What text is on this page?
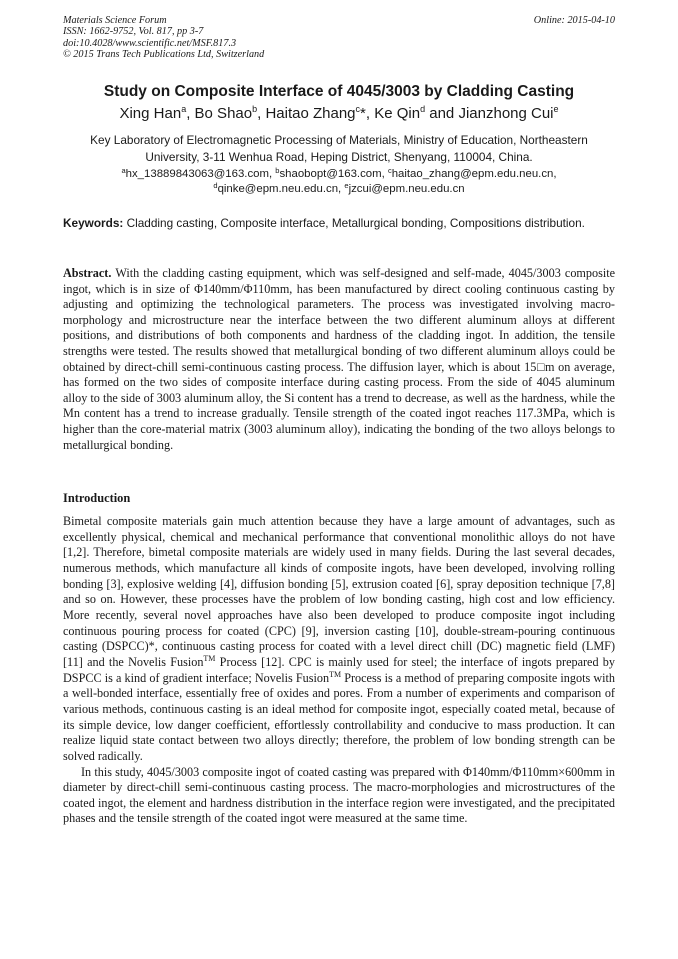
Materials Science Forum
ISSN: 1662-9752, Vol. 817, pp 3-7
doi:10.4028/www.scientific.net/MSF.817.3
© 2015 Trans Tech Publications Ltd, Switzerland
Online: 2015-04-10
Study on Composite Interface of 4045/3003 by Cladding Casting
Xing Han$^a$, Bo Shao$^b$, Haitao Zhang$^c$*, Ke Qin$^d$ and Jianzhong Cui$^e$
Key Laboratory of Electromagnetic Processing of Materials, Ministry of Education, Northeastern University, 3-11 Wenhua Road, Heping District, Shenyang, 110004, China.
$^a$hx_13889843063@163.com, $^b$shaobopt@163.com, $^c$haitao_zhang@epm.edu.neu.cn,
$^d$qinke@epm.neu.edu.cn, $^e$jzcui@epm.neu.edu.cn
Keywords: Cladding casting, Composite interface, Metallurgical bonding, Compositions distribution.
Abstract. With the cladding casting equipment, which was self-designed and self-made, 4045/3003 composite ingot, which is in size of Φ140mm/Φ110mm, has been manufactured by direct cooling continuous casting by adjusting and optimizing the technological parameters. The process was investigated involving macro-morphology and microstructure near the interface between the two different aluminum alloys at different positions, and distributions of both components and hardness of the cladding ingot. In addition, the tensile strengths were tested. The results showed that metallurgical bonding of two different aluminum alloys could be obtained by direct-chill semi-continuous casting process. The diffusion layer, which is about 15□m on average, has formed on the two sides of composite interface during casting process. From the side of 4045 aluminum alloy to the side of 3003 aluminum alloy, the Si content has a trend to decrease, as well as the hardness, while the Mn content has a trend to increase gradually. Tensile strength of the coated ingot reaches 117.3MPa, which is higher than the core-material matrix (3003 aluminum alloy), indicating the bonding of the two alloys belongs to metallurgical bonding.
Introduction

Bimetal composite materials gain much attention because they have a large amount of advantages, such as excellently physical, chemical and mechanical performance that conventional monolithic alloys do not have [1,2]. Therefore, bimetal composite materials are widely used in many fields. During the last several decades, numerous methods, which manufacture all kinds of composite ingots, have been developed, involving rolling bonding [3], explosive welding [4], diffusion bonding [5], extrusion coated [6], spray deposition technique [7,8] and so on. However, these processes have the problem of low bonding casting, high cost and low efficiency. More recently, several novel approaches have also been developed to produce composite ingot including continuous pouring process for coated (CPC) [9], inversion casting [10], double-stream-pouring continuous casting (DSPCC)*, continuous casting process for coated with a level direct chill (DC) magnetic field (LMF) [11] and the Novelis Fusion™ Process [12]. CPC is mainly used for steel; the interface of ingots prepared by DSPCC is a kind of gradient interface; Novelis Fusion™ Process is a method of preparing composite ingots with a well-bonded interface, essentially free of oxides and pores. From a number of experiments and comparison of various methods, continuous casting is an ideal method for composite ingot, especially coated metal, because of its simple device, low danger coefficient, effortlessly controllability and conducive to mass production. It can realize liquid state contact between two alloys directly; therefore, the problem of low bonding strength can be solved radically.

In this study, 4045/3003 composite ingot of coated casting was prepared with Φ140mm/Φ110mm×600mm in diameter by direct-chill semi-continuous casting process. The macro-morphologies and microstructures of the coated ingot, the element and hardness distribution in the interface region were investigated, and the precipitated phases and the tensile strength of the coated ingot were measured at the same time.
